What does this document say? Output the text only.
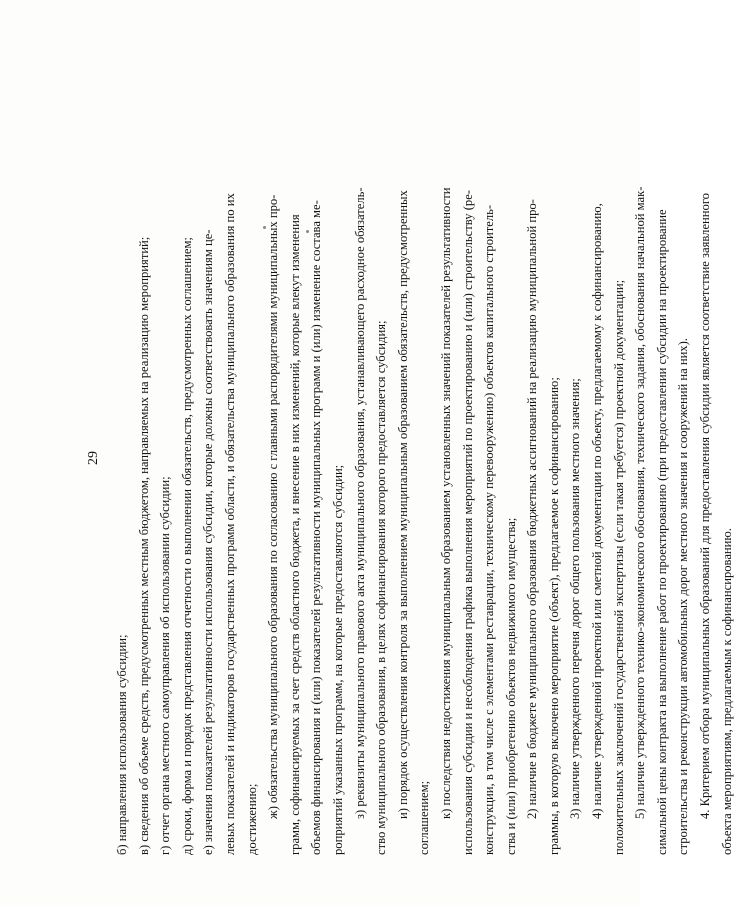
29
б) направления использования субсидии; в) сведения об объеме средств, предусмотренных местным бюджетом, направляемых на реализацию мероприятий; г) отчет органа местного самоуправления об использовании субсидии; д) сроки, форма и порядок представления отчетности о выполнении обязательств, предусмотренных соглашением; е) значения показателей результативности использования субсидии, которые должны соответствовать значениям це- левых показателей и индикаторов государственных программ области, и обязательства муниципального образования по их достижению;
ж) обязательства муниципального образования по согласованию с главными распорядителями муниципальных про- грамм, софинансируемых за счет средств областного бюджета, и внесение в них изменений, которые влекут изменения объемов финансирования и (или) показателей результативности муниципальных программ и (или) изменение состава ме- роприятий указанных программ, на которые предоставляются субсидии; з) реквизиты муниципального правового акта муниципального образования, устанавливающего расходное обязатель- ство муниципального образования, в целях софинансирования которого предоставляется субсидия; и) порядок осуществления контроля за выполнением муниципальным образованием обязательств, предусмотренных соглашением; к) последствия недостижения муниципальным образованием установленных значений показателей результативности использования субсидии и несоблюдения графика выполнения мероприятий по проектированию и (или) строительству (ре- конструкции, в том числе с элементами реставрации, техническому перевооружению) объектов капитального строитель- ства и (или) приобретению объектов недвижимого имущества; 2) наличие в бюджете муниципального образования бюджетных ассигнований на реализацию муниципальной про- граммы, в которую включено мероприятие (объект), предлагаемое к софинансированию; 3) наличие утвержденного перечня дорог общего пользования местного значения; 4) наличие утвержденной проектной или сметной документации по объекту, предлагаемому к софинансированию, положительных заключений государственной экспертизы (если такая требуется) проектной документации; 5) наличие утвержденного технико-экономического обоснования, технического задания, обоснования начальной мак- симальной цены контракта на выполнение работ по проектированию (при предоставлении субсидии на проектирование строительства и реконструкции автомобильных дорог местного значения и сооружений на них). 4. Критерием отбора муниципальных образований для предоставления субсидии является соответствие заявленного объекта мероприятиям, предлагаемым к софинансированию.
